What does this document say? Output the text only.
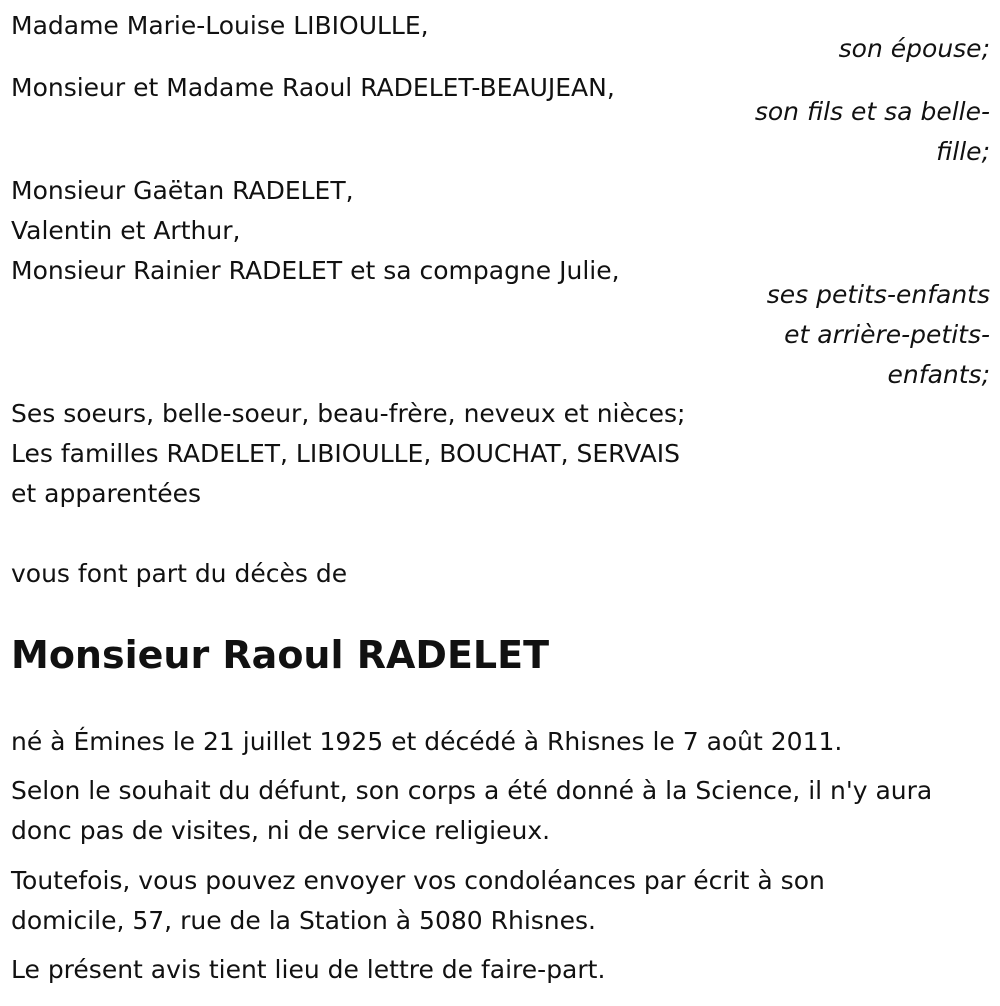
Madame Marie-Louise LIBIOULLE,
son épouse;
Monsieur et Madame Raoul RADELET-BEAUJEAN,
son fils et sa belle-
fille;
Monsieur Gaëtan RADELET,
Valentin et Arthur,
Monsieur Rainier RADELET et sa compagne Julie,
ses petits-enfants
et arrière-petits-
enfants;
Ses soeurs, belle-soeur, beau-frère, neveux et nièces;
Les familles RADELET, LIBIOULLE, BOUCHAT, SERVAIS
et apparentées
vous font part du décès de
Monsieur Raoul RADELET
né à Émines le 21 juillet 1925 et décédé à Rhisnes le 7 août 2011.
Selon le souhait du défunt, son corps a été donné à la Science, il n'y aura
donc pas de visites, ni de service religieux.
Toutefois, vous pouvez envoyer vos condoléances par écrit à son
domicile, 57, rue de la Station à 5080 Rhisnes.
Le présent avis tient lieu de lettre de faire-part.
